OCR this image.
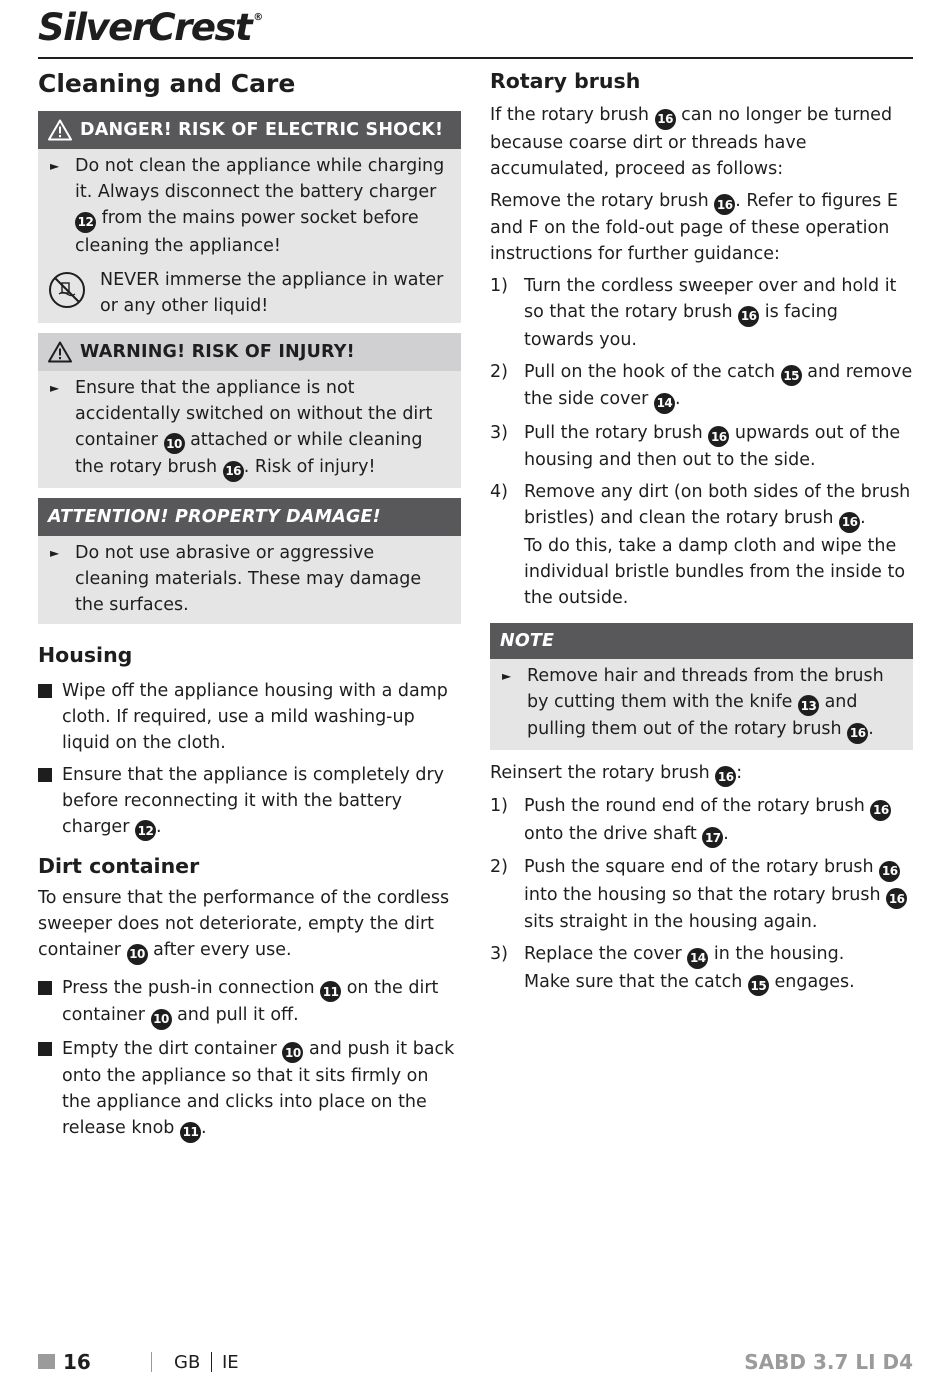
SilverCrest ®
Cleaning and Care
DANGER! RISK OF ELECTRIC SHOCK!
► Do not clean the appliance while charging it. Always disconnect the battery charger 12 from the mains power socket before cleaning the appliance!
NEVER immerse the appliance in water or any other liquid!
WARNING! RISK OF INJURY!
► Ensure that the appliance is not accidentally switched on without the dirt container 10 attached or while cleaning the rotary brush 16 . Risk of injury!
ATTENTION! PROPERTY DAMAGE!
► Do not use abrasive or aggressive cleaning materials. These may damage the surfaces.
Housing
Wipe off the appliance housing with a damp cloth. If required, use a mild washing-up liquid on the cloth.
Ensure that the appliance is completely dry before reconnecting it with the battery charger 12 .
Dirt container

To ensure that the performance of the cordless sweeper does not deteriorate, empty the dirt container 10 after every use.

Press the push-in connection 11 on the dirt container 10 and pull it off.
Empty the dirt container 10 and push it back onto the appliance so that it sits firmly on the appliance and clicks into place on the release knob 11 .
Rotary brush

If the rotary brush 16 can no longer be turned because coarse dirt or threads have accumulated, proceed as follows:

Remove the rotary brush 16 . Refer to figures E and F on the fold-out page of these operation instructions for further guidance:

1) Turn the cordless sweeper over and hold it so that the rotary brush 16 is facing towards you.
2) Pull on the hook of the catch 15 and remove the side cover 14 .
3) Pull the rotary brush 16 upwards out of the housing and then out to the side.
4) Remove any dirt (on both sides of the brush bristles) and clean the rotary brush 16 .
To do this, take a damp cloth and wipe the individual bristle bundles from the inside to the outside.
NOTE
► Remove hair and threads from the brush by cutting them with the knife 13 and pulling them out of the rotary brush 16 .

Reinsert the rotary brush 16 :

1) Push the round end of the rotary brush 16 onto the drive shaft 17 .
2) Push the square end of the rotary brush 16 into the housing so that the rotary brush 16 sits straight in the housing again.
3) Replace the cover 14 in the housing.
Make sure that the catch 15 engages.
16	GB IE	SABD 3.7 LI D4
